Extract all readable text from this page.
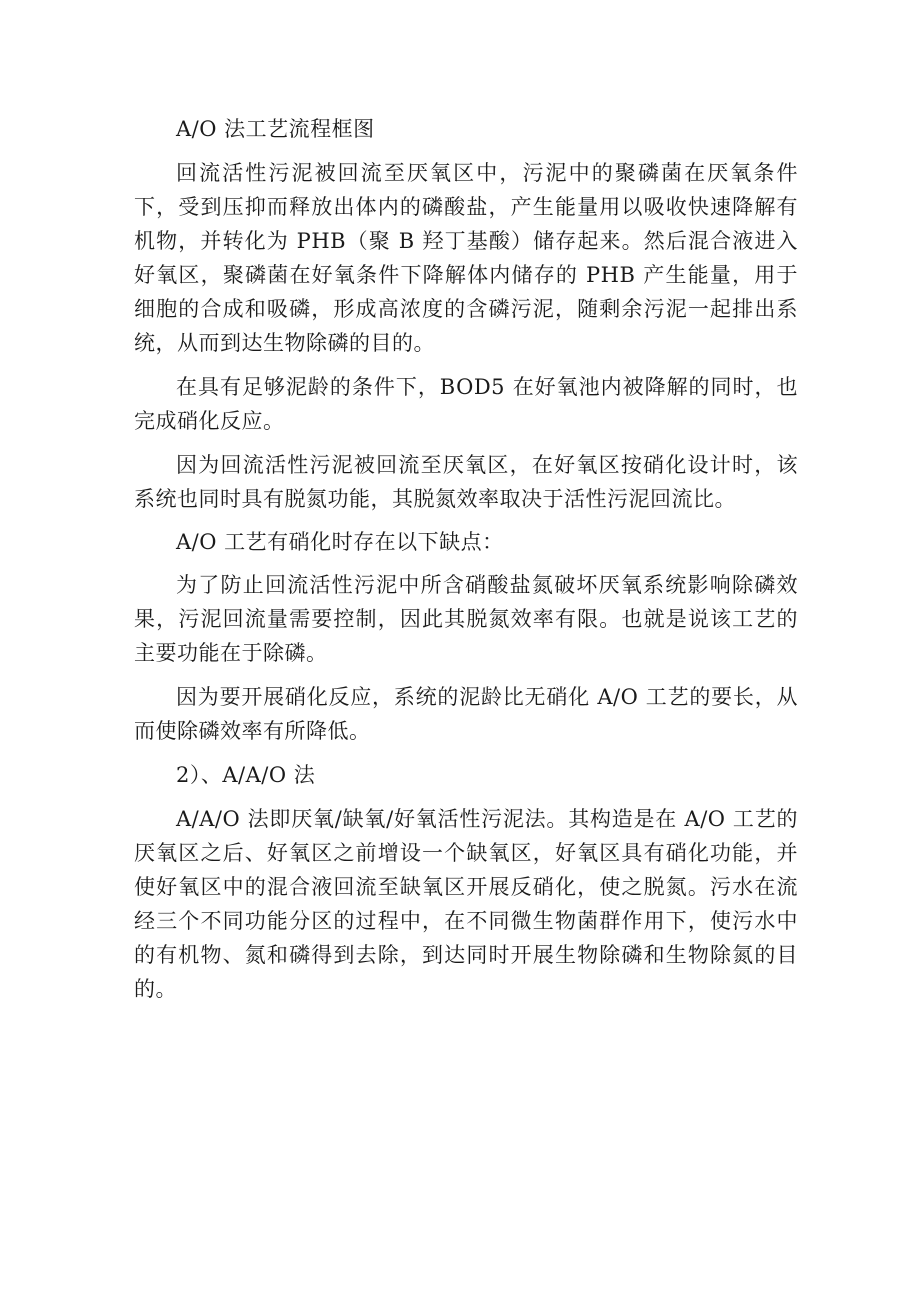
A/O 法工艺流程框图

回流活性污泥被回流至厌氧区中，污泥中的聚磷菌在厌氧条件下，受到压抑而释放出体内的磷酸盐，产生能量用以吸收快速降解有机物，并转化为 PHB（聚 B 羟丁基酸）储存起来。然后混合液进入好氧区，聚磷菌在好氧条件下降解体内储存的 PHB 产生能量，用于细胞的合成和吸磷，形成高浓度的含磷污泥，随剩余污泥一起排出系统，从而到达生物除磷的目的。

在具有足够泥龄的条件下，BOD5 在好氧池内被降解的同时，也完成硝化反应。

因为回流活性污泥被回流至厌氧区，在好氧区按硝化设计时，该系统也同时具有脱氮功能，其脱氮效率取决于活性污泥回流比。

A/O 工艺有硝化时存在以下缺点：

为了防止回流活性污泥中所含硝酸盐氮破坏厌氧系统影响除磷效果，污泥回流量需要控制，因此其脱氮效率有限。也就是说该工艺的主要功能在于除磷。

因为要开展硝化反应，系统的泥龄比无硝化 A/O 工艺的要长，从而使除磷效率有所降低。

2）、A/A/O 法

A/A/O 法即厌氧/缺氧/好氧活性污泥法。其构造是在 A/O 工艺的厌氧区之后、好氧区之前增设一个缺氧区，好氧区具有硝化功能，并使好氧区中的混合液回流至缺氧区开展反硝化，使之脱氮。污水在流经三个不同功能分区的过程中，在不同微生物菌群作用下，使污水中的有机物、氮和磷得到去除，到达同时开展生物除磷和生物除氮的目的。
